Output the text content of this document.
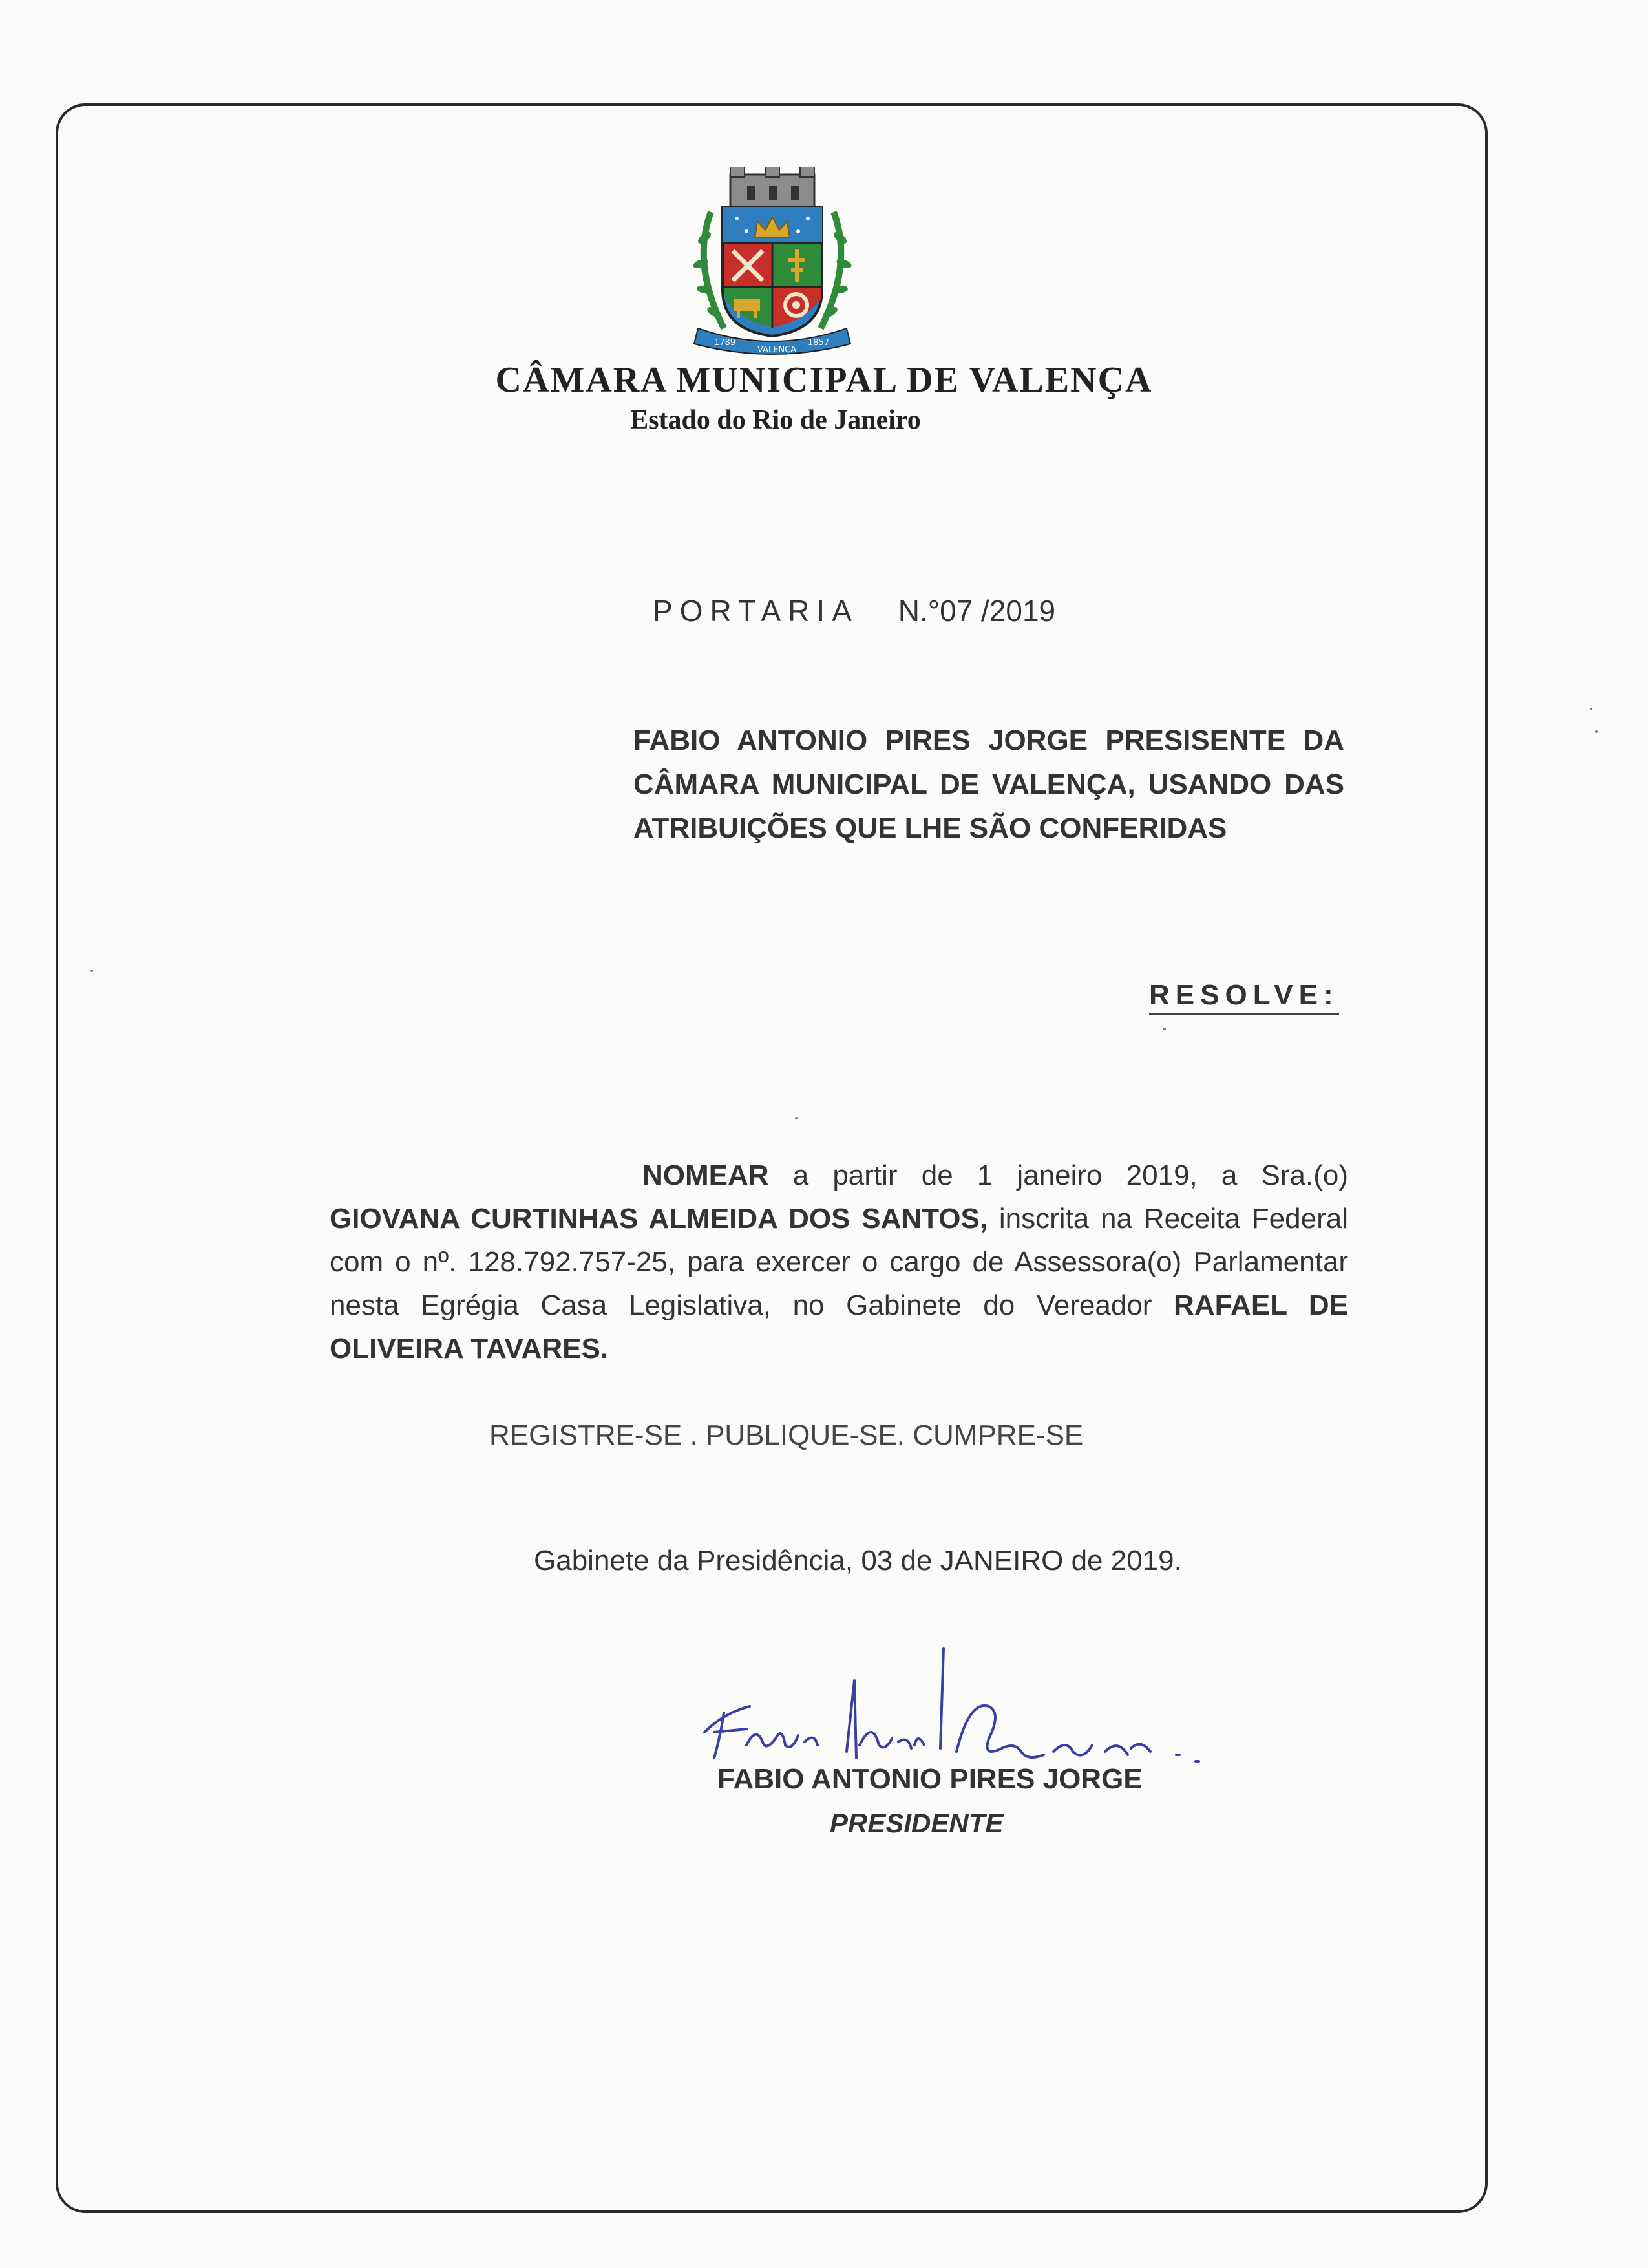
1789
VALENÇA
1857
CÂMARA MUNICIPAL DE VALENÇA
Estado do Rio de Janeiro
PORTARIA N.°07 /2019
FABIO ANTONIO PIRES JORGE PRESISENTE DA CÂMARA MUNICIPAL DE VALENÇA, USANDO DAS ATRIBUIÇÕES QUE LHE SÃO CONFERIDAS
RESOLVE:
NOMEAR a partir de 1 janeiro 2019, a Sra.(o) GIOVANA CURTINHAS ALMEIDA DOS SANTOS, inscrita na Receita Federal com o nº. 128.792.757-25, para exercer o cargo de Assessora(o) Parlamentar nesta Egrégia Casa Legislativa, no Gabinete do Vereador RAFAEL DE OLIVEIRA TAVARES.
REGISTRE-SE . PUBLIQUE-SE. CUMPRE-SE
Gabinete da Presidência, 03 de JANEIRO de 2019.
FABIO ANTONIO PIRES JORGE
PRESIDENTE
